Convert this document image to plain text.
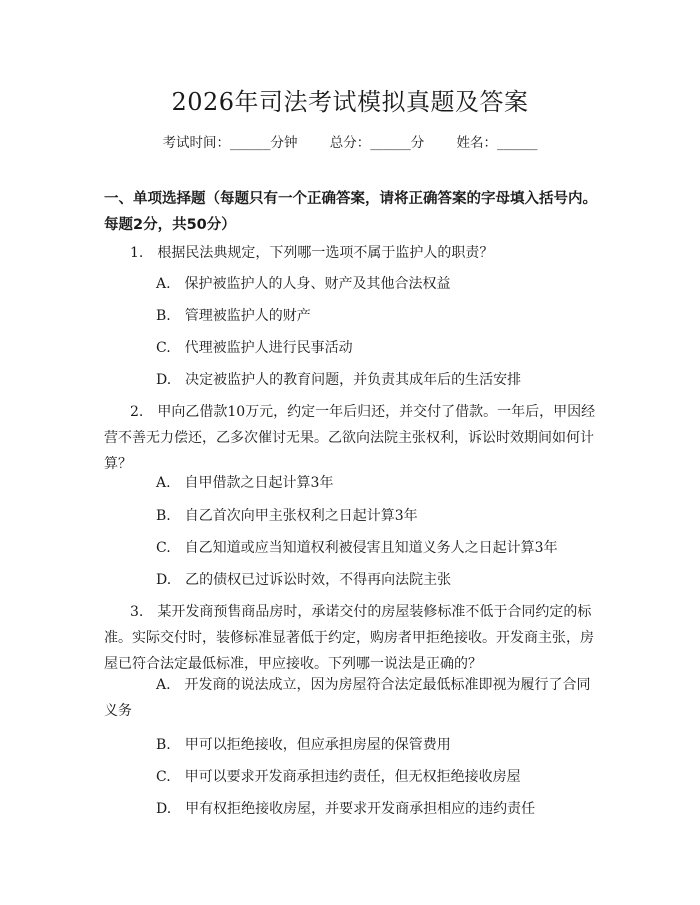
2026年司法考试模拟真题及答案
考试时间：______分钟 总分：______分 姓名：______
一、单项选择题（每题只有一个正确答案，请将正确答案的字母填入括号内。每题2分，共50分）
1.　根据民法典规定，下列哪一选项不属于监护人的职责？
A.　保护被监护人的人身、财产及其他合法权益
B.　管理被监护人的财产
C.　代理被监护人进行民事活动
D.　决定被监护人的教育问题，并负责其成年后的生活安排
2.　甲向乙借款10万元，约定一年后归还，并交付了借款。一年后，甲因经营不善无力偿还，乙多次催讨无果。乙欲向法院主张权利，诉讼时效期间如何计算？
A.　自甲借款之日起计算3年
B.　自乙首次向甲主张权利之日起计算3年
C.　自乙知道或应当知道权利被侵害且知道义务人之日起计算3年
D.　乙的债权已过诉讼时效，不得再向法院主张
3.　某开发商预售商品房时，承诺交付的房屋装修标准不低于合同约定的标准。实际交付时，装修标准显著低于约定，购房者甲拒绝接收。开发商主张，房屋已符合法定最低标准，甲应接收。下列哪一说法是正确的？
A.　开发商的说法成立，因为房屋符合法定最低标准即视为履行了合同义务
B.　甲可以拒绝接收，但应承担房屋的保管费用
C.　甲可以要求开发商承担违约责任，但无权拒绝接收房屋
D.　甲有权拒绝接收房屋，并要求开发商承担相应的违约责任
